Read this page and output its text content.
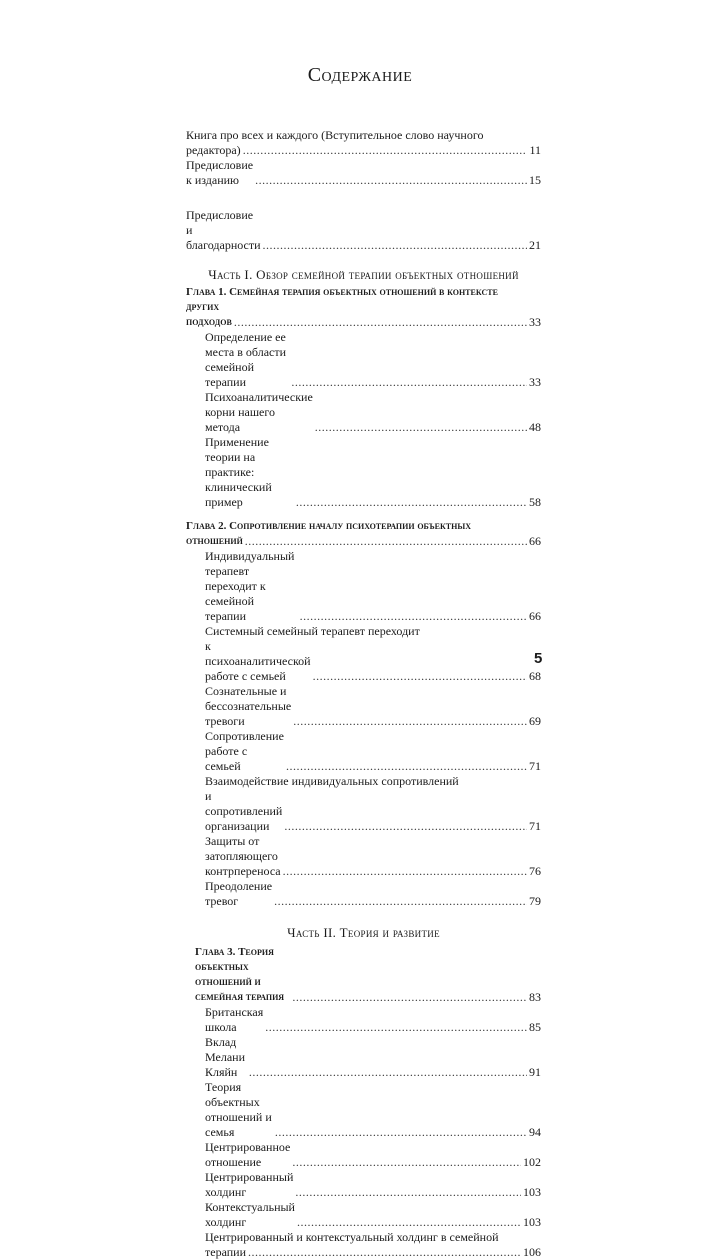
Содержание
Книга про всех и каждого (Вступительное слово научного
редактора) .....	11
Предисловие к изданию .....	15
Предисловие и благодарности .....	21
Часть I. Обзор семейной терапии объектных отношений
Глава 1. Семейная терапия объектных отношений в контексте
других подходов .....	33
Определение ее места в области семейной терапии .....	33
Психоаналитические корни нашего метода .....	48
Применение теории на практике: клинический пример .....	58
Глава 2. Сопротивление началу психотерапии объектных
отношений .....	66
Индивидуальный терапевт переходит к семейной терапии .....	66
Системный семейный терапевт переходит
к психоаналитической работе с семьей .....	68
Сознательные и бессознательные тревоги .....	69
Сопротивление работе с семьей .....	71
Взаимодействие индивидуальных сопротивлений
и сопротивлений организации .....	71
Защиты от затопляющего контрпереноса .....	76
Преодоление тревог .....	79
Часть II. Теория и развитие
Глава 3. Теория объектных отношений и семейная терапия .....	83
Британская школа .....	85
Вклад Мелани Кляйн .....	91
Теория объектных отношений и семья .....	94
Центрированное отношение .....	102
Центрированный холдинг .....	103
Контекстуальный холдинг .....	103
Центрированный и контекстуальный холдинг в семейной
терапии .....	106
5
